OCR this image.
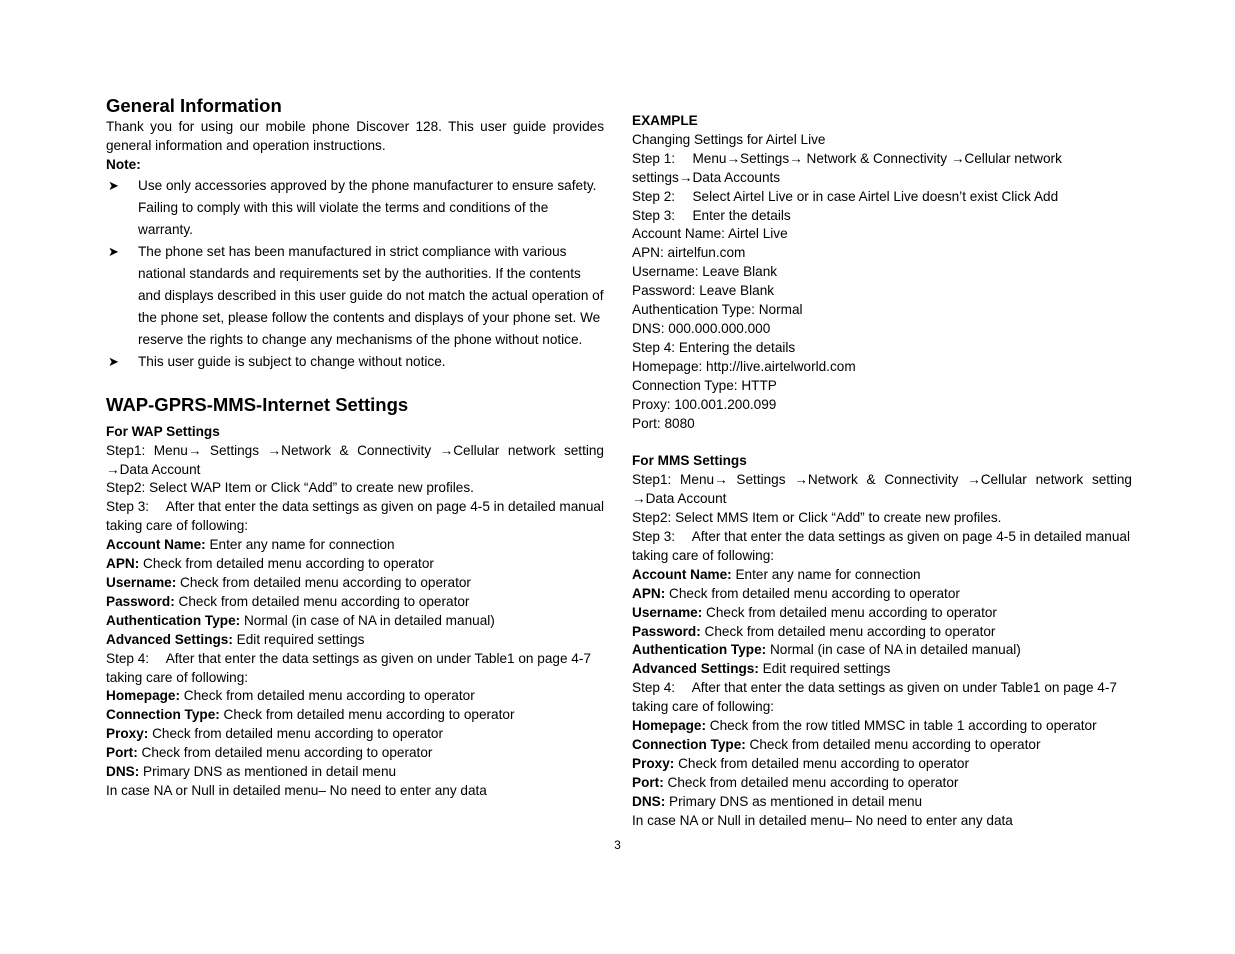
General Information

Thank you for using our mobile phone Discover 128. This user guide provides general information and operation instructions.

Note:

➤ Use only accessories approved by the phone manufacturer to ensure safety. Failing to comply with this will violate the terms and conditions of the warranty.
➤ The phone set has been manufactured in strict compliance with various national standards and requirements set by the authorities. If the contents and displays described in this user guide do not match the actual operation of the phone set, please follow the contents and displays of your phone set. We reserve the rights to change any mechanisms of the phone without notice.
➤ This user guide is subject to change without notice.
WAP-GPRS-MMS-Internet Settings

For WAP Settings

Step1: Menu→ Settings →Network & Connectivity →Cellular network setting →Data Account

Step2: Select WAP Item or Click “Add” to create new profiles.

Step 3:  After that enter the data settings as given on page 4-5 in detailed manual taking care of following:

Account Name: Enter any name for connection

APN: Check from detailed menu according to operator

Username: Check from detailed menu according to operator

Password: Check from detailed menu according to operator

Authentication Type: Normal (in case of NA in detailed manual)

Advanced Settings: Edit required settings

Step 4:  After that enter the data settings as given on under Table1 on page 4-7 taking care of following:

Homepage: Check from detailed menu according to operator

Connection Type: Check from detailed menu according to operator

Proxy: Check from detailed menu according to operator

Port: Check from detailed menu according to operator

DNS: Primary DNS as mentioned in detail menu

In case NA or Null in detailed menu– No need to enter any data

EXAMPLE

Changing Settings for Airtel Live

Step 1:  Menu→Settings→ Network & Connectivity →Cellular network settings→Data Accounts

Step 2:  Select Airtel Live or in case Airtel Live doesn’t exist Click Add

Step 3:  Enter the details

Account Name: Airtel Live

APN: airtelfun.com

Username: Leave Blank

Password: Leave Blank

Authentication Type: Normal

DNS: 000.000.000.000

Step 4: Entering the details

Homepage: http://live.airtelworld.com

Connection Type: HTTP

Proxy: 100.001.200.099

Port: 8080

For MMS Settings

Step1: Menu→ Settings →Network & Connectivity →Cellular network setting →Data Account

Step2: Select MMS Item or Click “Add” to create new profiles.

Step 3:  After that enter the data settings as given on page 4-5 in detailed manual taking care of following:

Account Name: Enter any name for connection

APN: Check from detailed menu according to operator

Username: Check from detailed menu according to operator

Password: Check from detailed menu according to operator

Authentication Type: Normal (in case of NA in detailed manual)

Advanced Settings: Edit required settings

Step 4:  After that enter the data settings as given on under Table1 on page 4-7 taking care of following:

Homepage: Check from the row titled MMSC in table 1 according to operator

Connection Type: Check from detailed menu according to operator

Proxy: Check from detailed menu according to operator

Port: Check from detailed menu according to operator

DNS: Primary DNS as mentioned in detail menu

In case NA or Null in detailed menu– No need to enter any data

3
